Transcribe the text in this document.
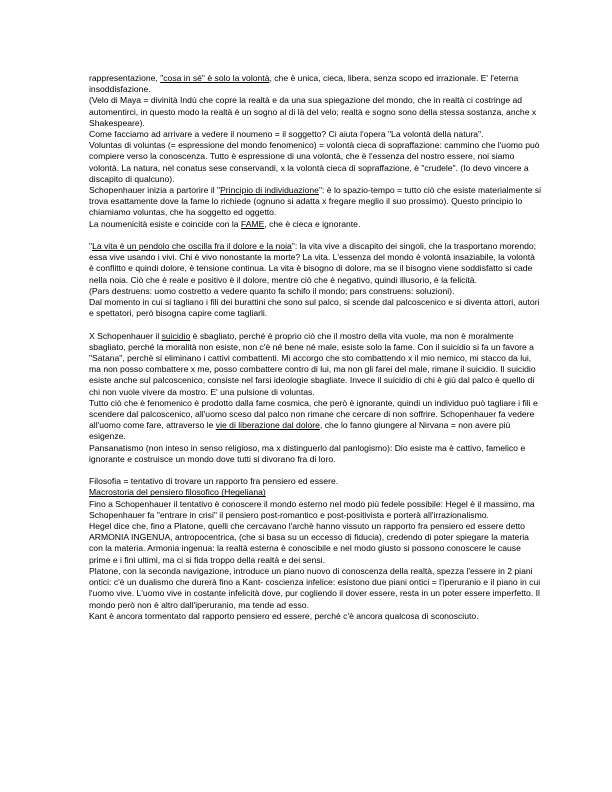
rappresentazione, "cosa in sé" è solo la volontà, che è unica, cieca, libera, senza scopo ed irrazionale. E' l'eterna insoddisfazione.

(Velo di Maya = divinità Indù che copre la realtà e da una sua spiegazione del mondo, che in realtà ci costringe ad automentirci, in questo modo la realtà è un sogno al di là del velo; realtà e sogno sono della stessa sostanza, anche x Shakespeare).

Come facciamo ad arrivare a vedere il noumeno = il soggetto? Ci aiuta l'opera "La volontà della natura".

Voluntas di voluntas (= espressione del mondo fenomenico) = volontà cieca di sopraffazione: cammino che l'uomo può compiere verso la conoscenza. Tutto è espressione di una volontà, che è l'essenza del nostro essere, noi siamo volontà. La natura, nel conatus sese conservandi, x la volontà cieca di sopraffazione, è "crudele". (Io devo vincere a discapito di qualcuno).

Schopenhauer inizia a partorire il "Principio di individuazione": è lo spazio-tempo = tutto ciò che esiste materialmente si trova esattamente dove la fame lo richiede (ognuno si adatta x fregare meglio il suo prossimo). Questo principio lo chiamiamo voluntas, che ha soggetto ed oggetto.

La noumenicità esiste e coincide con la FAME, che è cieca e ignorante.

"La vita è un pendolo che oscilla fra il dolore e la noia": la vita vive a discapito dei singoli, che la trasportano morendo; essa vive usando i vivi. Chi è vivo nonostante la morte? La vita. L'essenza del mondo è volontà insaziabile, la volontà è conflitto e quindi dolore, è tensione continua. La vita è bisogno di dolore, ma se il bisogno viene soddisfatto si cade nella noia. Ciò che è reale e positivo è il dolore, mentre ciò che è negativo, quindi illusorio, è la felicità.

(Pars destruens: uomo costretto a vedere quanto fa schifo il mondo; pars construens: soluzioni).

Dal momento in cui si tagliano i fili dei burattini che sono sul palco, si scende dal palcoscenico e si diventa attori, autori e spettatori, però bisogna capire come tagliarli.

X Schopenhauer il suicidio è sbagliato, perché è proprio ciò che il mostro della vita vuole, ma non è moralmente sbagliato, perché la moralità non esiste, non c'è né bene né male, esiste solo la fame. Con il suicidio si fa un favore a "Satana", perchè si eliminano i cattivi combattenti. Mi accorgo che sto combattendo x il mio nemico, mi stacco da lui, ma non posso combattere x me, posso combattere contro di lui, ma non gli farei del male, rimane il suicidio. Il suicidio esiste anche sul palcoscenico, consiste nel farsi ideologie sbagliate. Invece il suicidio di chi è giù dal palco è quello di chi non vuole vivere da mostro. E' una pulsione di voluntas.

Tutto ciò che è fenomenico è prodotto dalla fame cosmica, che però è ignorante, quindi un individuo può tagliare i fili e scendere dal palcoscenico, all'uomo sceso dal palco non rimane che cercare di non soffrire. Schopenhauer fa vedere all'uomo come fare, attraverso le vie di liberazione dal dolore, che lo fanno giungere al Nirvana = non avere più esigenze.

Pansanatismo (non inteso in senso religioso, ma x distinguerlo dal panlogismo): Dio esiste ma è cattivo, famelico e ignorante e costruisce un mondo dove tutti si divorano fra di loro.

Filosofia = tentativo di trovare un rapporto fra pensiero ed essere.

Macrostoria del pensiero filosofico (Hegeliana)

Fino a Schopenhauer il tentativo è conoscere il mondo esterno nel modo più fedele possibile: Hegel è il massimo, ma Schopenhauer fa "entrare in crisi" il pensiero post-romantico e post-positivista e porterà all'irrazionalismo.

Hegel dice che, fino a Platone, quelli che cercavano l'archè hanno vissuto un rapporto fra pensiero ed essere detto ARMONIA INGENUA, antropocentrica, (che si basa su un eccesso di fiducia), credendo di poter spiegare la materia con la materia. Armonia ingenua: la realtà esterna è conoscibile e nel modo giusto si possono conoscere le cause prime e i fini ultimi, ma ci si fida troppo della realtà e dei sensi.

Platone, con la seconda navigazione, introduce un piano nuovo di conoscenza della realtà, spezza l'essere in 2 piani ontici: c'è un dualismo che durerà fino a Kant- coscienza infelice: esistono due piani ontici = l'iperuranio e il piano in cui l'uomo vive. L'uomo vive in costante infelicità dove, pur cogliendo il dover essere, resta in un poter essere imperfetto. Il mondo però non è altro dall'iperuranio, ma tende ad esso.

Kant è ancora tormentato dal rapporto pensiero ed essere, perchè c'è ancora qualcosa di sconosciuto.
